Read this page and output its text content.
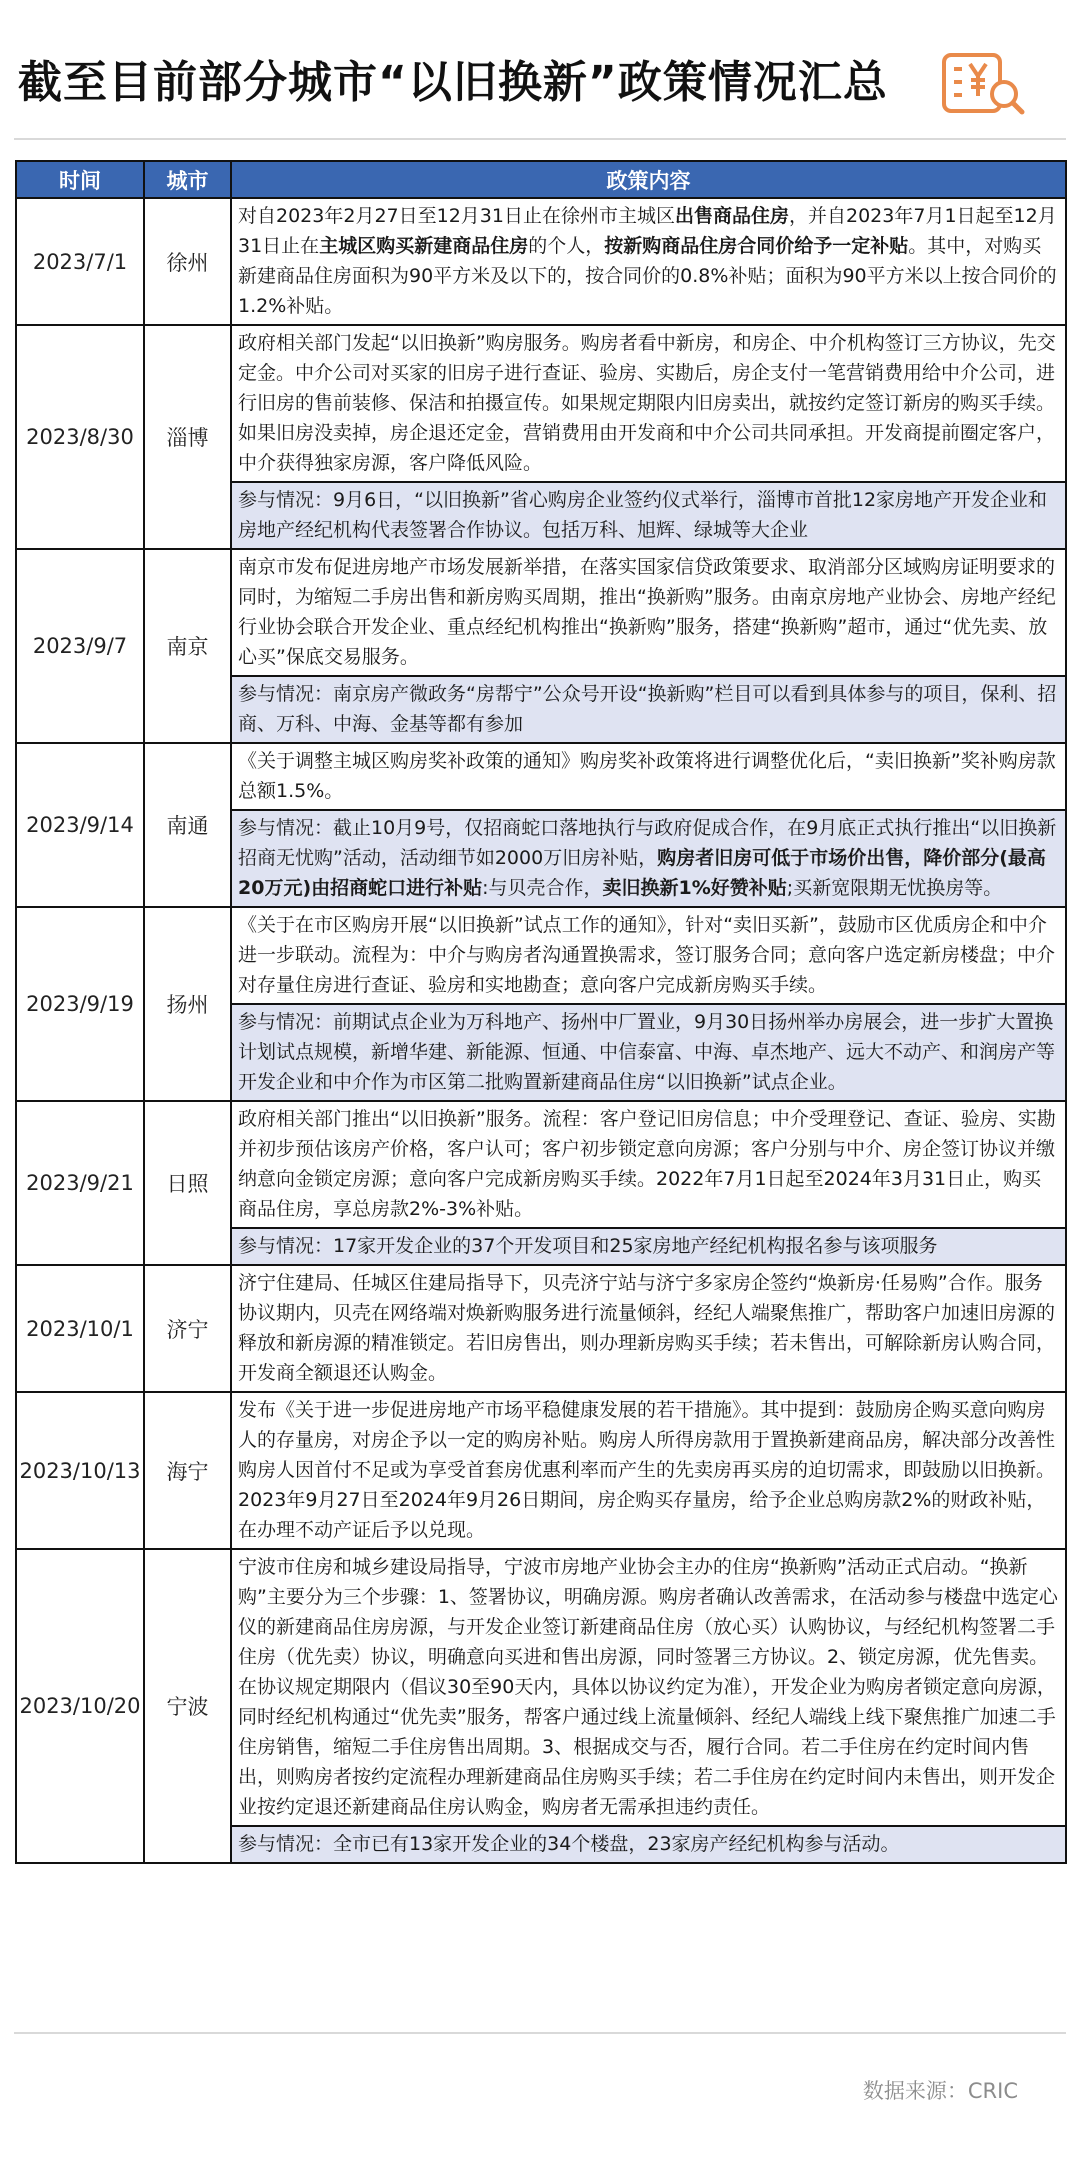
截至目前部分城市“以旧换新”政策情况汇总
时间	城市	政策内容
2023/7/1	徐州	对自2023年2月27日至12月31日止在徐州市主城区出售商品住房，并自2023年7月1日起至12月31日止在主城区购买新建商品住房的个人，按新购商品住房合同价给予一定补贴。其中，对购买新建商品住房面积为90平方米及以下的，按合同价的0.8%补贴；面积为90平方米以上按合同价的1.2%补贴。

2023/8/30	淄博	政府相关部门发起“以旧换新”购房服务。购房者看中新房，和房企、中介机构签订三方协议，先交定金。中介公司对买家的旧房子进行查证、验房、实勘后，房企支付一笔营销费用给中介公司，进行旧房的售前装修、保洁和拍摄宣传。如果规定期限内旧房卖出，就按约定签订新房的购买手续。如果旧房没卖掉，房企退还定金，营销费用由开发商和中介公司共同承担。开发商提前圈定客户，中介获得独家房源，客户降低风险。
参与情况：9月6日，“以旧换新”省心购房企业签约仪式举行，淄博市首批12家房地产开发企业和房地产经纪机构代表签署合作协议。包括万科、旭辉、绿城等大企业

2023/9/7	南京	南京市发布促进房地产市场发展新举措，在落实国家信贷政策要求、取消部分区域购房证明要求的同时，为缩短二手房出售和新房购买周期，推出“换新购”服务。由南京房地产业协会、房地产经纪行业协会联合开发企业、重点经纪机构推出“换新购”服务，搭建“换新购”超市，通过“优先卖、放心买”保底交易服务。
参与情况：南京房产微政务“房帮宁”公众号开设“换新购”栏目可以看到具体参与的项目，保利、招商、万科、中海、金基等都有参加

2023/9/14	南通	《关于调整主城区购房奖补政策的通知》购房奖补政策将进行调整优化后，“卖旧换新”奖补购房款总额1.5%。
参与情况：截止10月9号，仅招商蛇口落地执行与政府促成合作，在9月底正式执行推出“以旧换新 招商无忧购”活动，活动细节如2000万旧房补贴，购房者旧房可低于市场价出售，降价部分(最高20万元)由招商蛇口进行补贴:与贝壳合作，卖旧换新1%好赞补贴;买新宽限期无忧换房等。

2023/9/19	扬州	《关于在市区购房开展“以旧换新”试点工作的通知》，针对“卖旧买新”，鼓励市区优质房企和中介进一步联动。流程为：中介与购房者沟通置换需求，签订服务合同；意向客户选定新房楼盘；中介对存量住房进行查证、验房和实地勘查；意向客户完成新房购买手续。
参与情况：前期试点企业为万科地产、扬州中厂置业，9月30日扬州举办房展会，进一步扩大置换计划试点规模，新增华建、新能源、恒通、中信泰富、中海、卓杰地产、远大不动产、和润房产等开发企业和中介作为市区第二批购置新建商品住房“以旧换新”试点企业。

2023/9/21	日照	政府相关部门推出“以旧换新”服务。流程：客户登记旧房信息；中介受理登记、查证、验房、实勘并初步预估该房产价格，客户认可；客户初步锁定意向房源；客户分别与中介、房企签订协议并缴纳意向金锁定房源；意向客户完成新房购买手续。2022年7月1日起至2024年3月31日止，购买商品住房，享总房款2%-3%补贴。
参与情况：17家开发企业的37个开发项目和25家房地产经纪机构报名参与该项服务

2023/10/1	济宁	济宁住建局、任城区住建局指导下，贝壳济宁站与济宁多家房企签约“焕新房·任易购”合作。服务协议期内，贝壳在网络端对焕新购服务进行流量倾斜，经纪人端聚焦推广，帮助客户加速旧房源的释放和新房源的精准锁定。若旧房售出，则办理新房购买手续；若未售出，可解除新房认购合同，开发商全额退还认购金。

2023/10/13	海宁	发布《关于进一步促进房地产市场平稳健康发展的若干措施》。其中提到：鼓励房企购买意向购房人的存量房，对房企予以一定的购房补贴。购房人所得房款用于置换新建商品房，解决部分改善性购房人因首付不足或为享受首套房优惠利率而产生的先卖房再买房的迫切需求，即鼓励以旧换新。2023年9月27日至2024年9月26日期间，房企购买存量房，给予企业总购房款2%的财政补贴，在办理不动产证后予以兑现。

2023/10/20	宁波	宁波市住房和城乡建设局指导，宁波市房地产业协会主办的住房“换新购”活动正式启动。“换新购”主要分为三个步骤：1、签署协议，明确房源。购房者确认改善需求，在活动参与楼盘中选定心仪的新建商品住房房源，与开发企业签订新建商品住房（放心买）认购协议，与经纪机构签署二手住房（优先卖）协议，明确意向买进和售出房源，同时签署三方协议。2、锁定房源，优先售卖。在协议规定期限内（倡议30至90天内，具体以协议约定为准），开发企业为购房者锁定意向房源，同时经纪机构通过“优先卖”服务，帮客户通过线上流量倾斜、经纪人端线上线下聚焦推广加速二手住房销售，缩短二手住房售出周期。3、根据成交与否，履行合同。若二手住房在约定时间内售出，则购房者按约定流程办理新建商品住房购买手续；若二手住房在约定时间内未售出，则开发企业按约定退还新建商品住房认购金，购房者无需承担违约责任。
参与情况：全市已有13家开发企业的34个楼盘，23家房产经纪机构参与活动。
数据来源：CRIC
